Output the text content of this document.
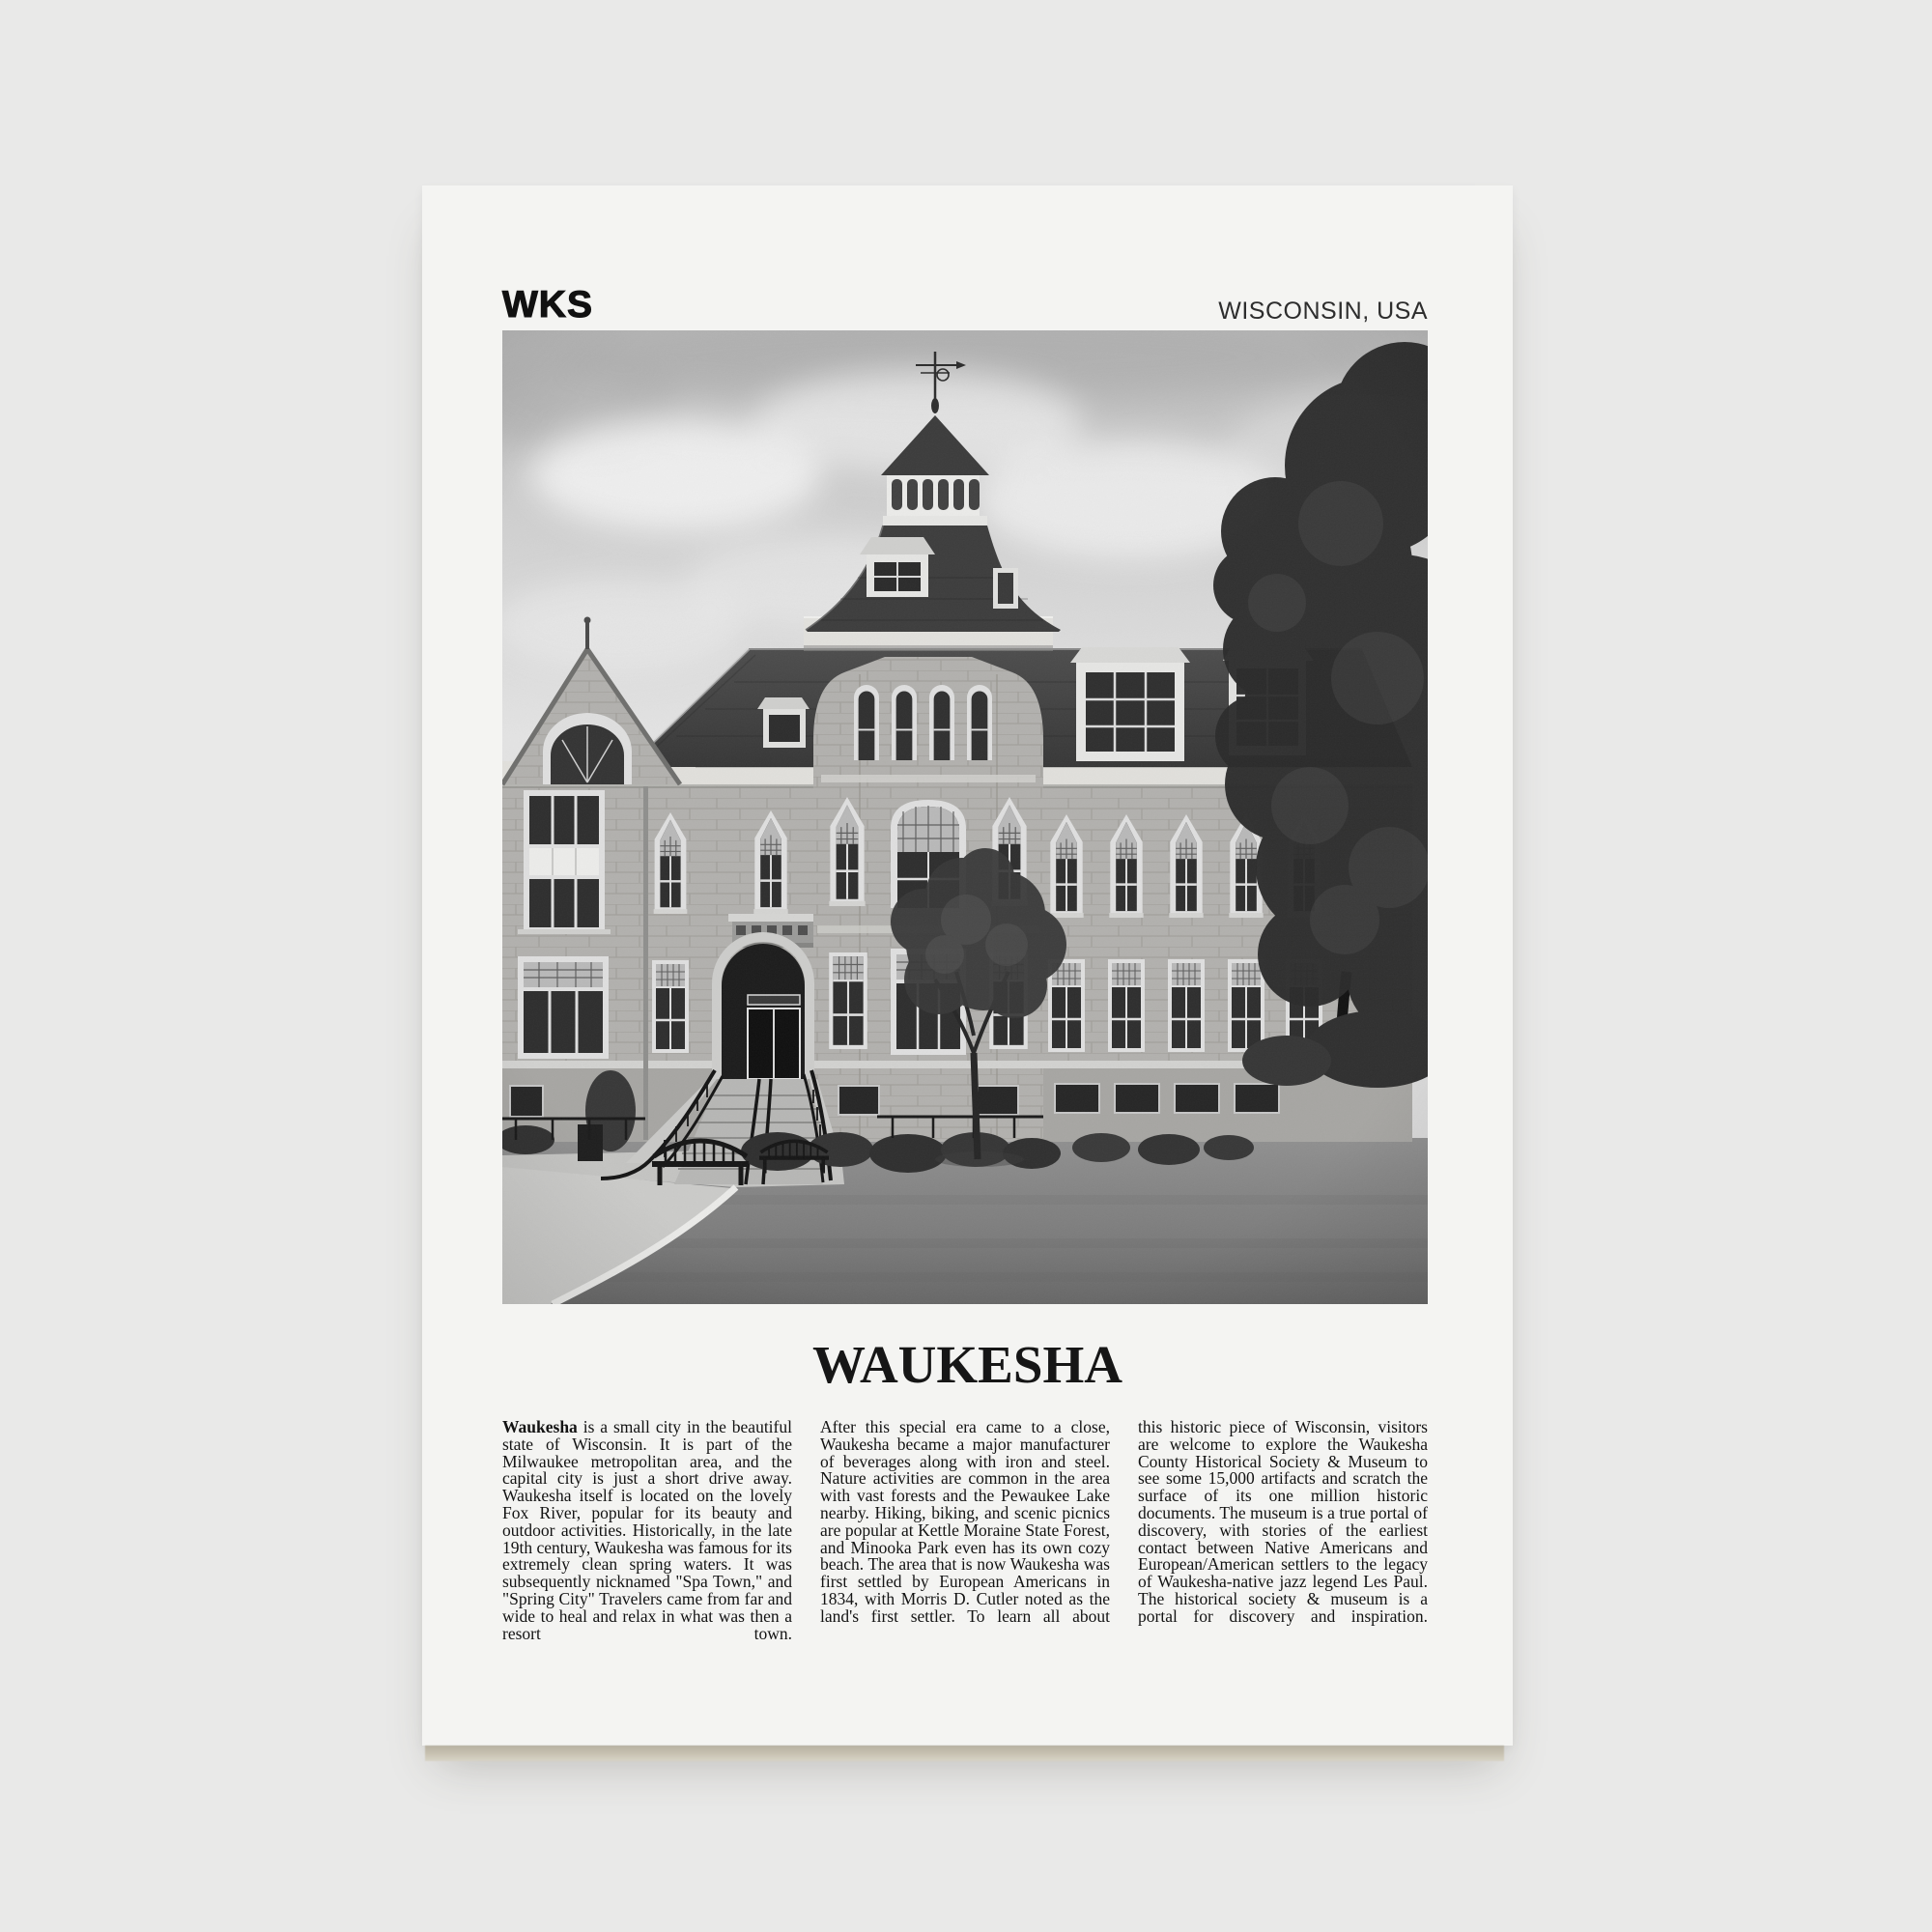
WKS	WISCONSIN, USA
WAUKESHA

Waukesha is a small city in the beautiful state of Wisconsin. It is part of the Milwaukee metropolitan area, and the capital city is just a short drive away. Waukesha itself is located on the lovely Fox River, popular for its beauty and outdoor activities. Historically, in the late 19th century, Waukesha was famous for its extremely clean spring waters. It was subsequently nicknamed "Spa Town," and "Spring City" Travelers came from far and wide to heal and relax in what was then a resort town.

After this special era came to a close, Waukesha became a major manufacturer of beverages along with iron and steel. Nature activities are common in the area with vast forests and the Pewaukee Lake nearby. Hiking, biking, and scenic picnics are popular at Kettle Moraine State Forest, and Minooka Park even has its own cozy beach. The area that is now Waukesha was first settled by European Americans in 1834, with Morris D. Cutler noted as the land's first settler. To learn all about

this historic piece of Wisconsin, visitors are welcome to explore the Waukesha County Historical Society & Museum to see some 15,000 artifacts and scratch the surface of its one million historic documents. The museum is a true portal of discovery, with stories of the earliest contact between Native Americans and European/American settlers to the legacy of Waukesha-native jazz legend Les Paul. The historical society & museum is a portal for discovery and inspiration.
